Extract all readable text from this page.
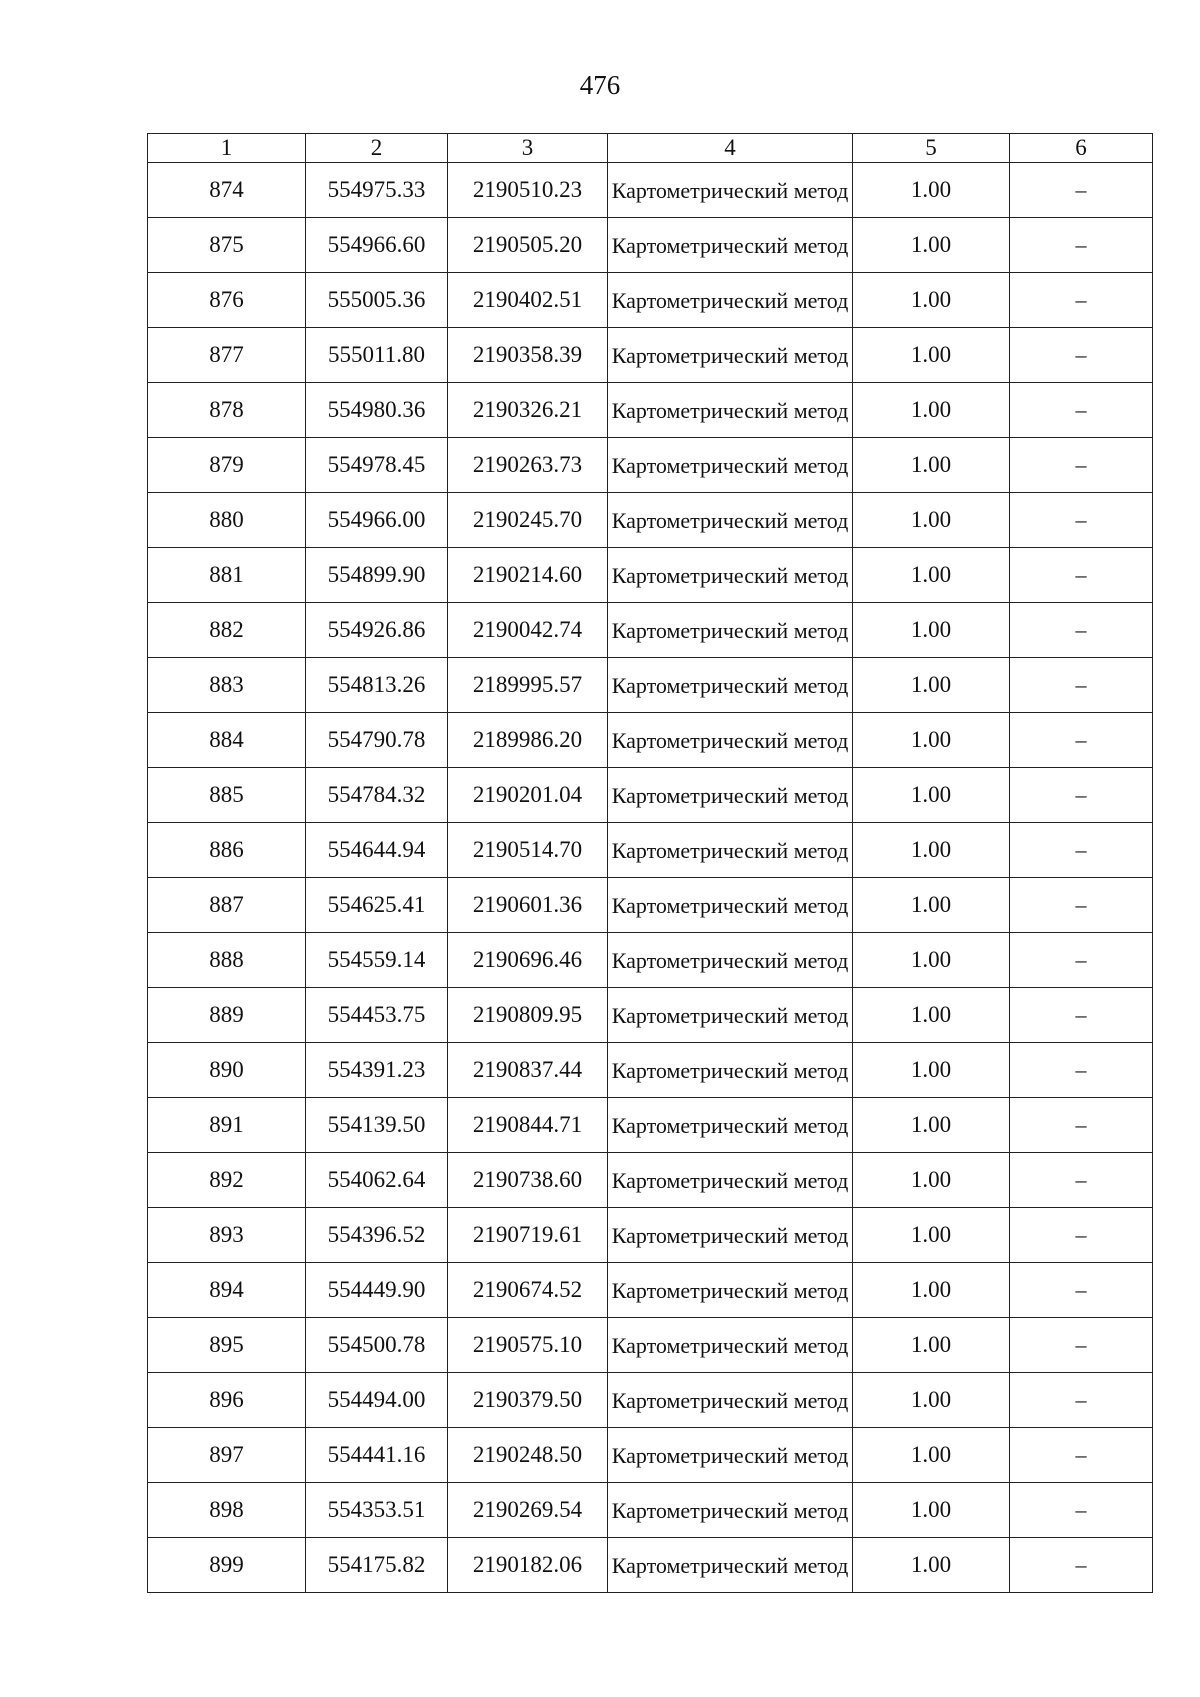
476
1	2	3	4	5	6
874	554975.33	2190510.23	Картометрический метод	1.00	–
875	554966.60	2190505.20	Картометрический метод	1.00	–
876	555005.36	2190402.51	Картометрический метод	1.00	–
877	555011.80	2190358.39	Картометрический метод	1.00	–
878	554980.36	2190326.21	Картометрический метод	1.00	–
879	554978.45	2190263.73	Картометрический метод	1.00	–
880	554966.00	2190245.70	Картометрический метод	1.00	–
881	554899.90	2190214.60	Картометрический метод	1.00	–
882	554926.86	2190042.74	Картометрический метод	1.00	–
883	554813.26	2189995.57	Картометрический метод	1.00	–
884	554790.78	2189986.20	Картометрический метод	1.00	–
885	554784.32	2190201.04	Картометрический метод	1.00	–
886	554644.94	2190514.70	Картометрический метод	1.00	–
887	554625.41	2190601.36	Картометрический метод	1.00	–
888	554559.14	2190696.46	Картометрический метод	1.00	–
889	554453.75	2190809.95	Картометрический метод	1.00	–
890	554391.23	2190837.44	Картометрический метод	1.00	–
891	554139.50	2190844.71	Картометрический метод	1.00	–
892	554062.64	2190738.60	Картометрический метод	1.00	–
893	554396.52	2190719.61	Картометрический метод	1.00	–
894	554449.90	2190674.52	Картометрический метод	1.00	–
895	554500.78	2190575.10	Картометрический метод	1.00	–
896	554494.00	2190379.50	Картометрический метод	1.00	–
897	554441.16	2190248.50	Картометрический метод	1.00	–
898	554353.51	2190269.54	Картометрический метод	1.00	–
899	554175.82	2190182.06	Картометрический метод	1.00	–
